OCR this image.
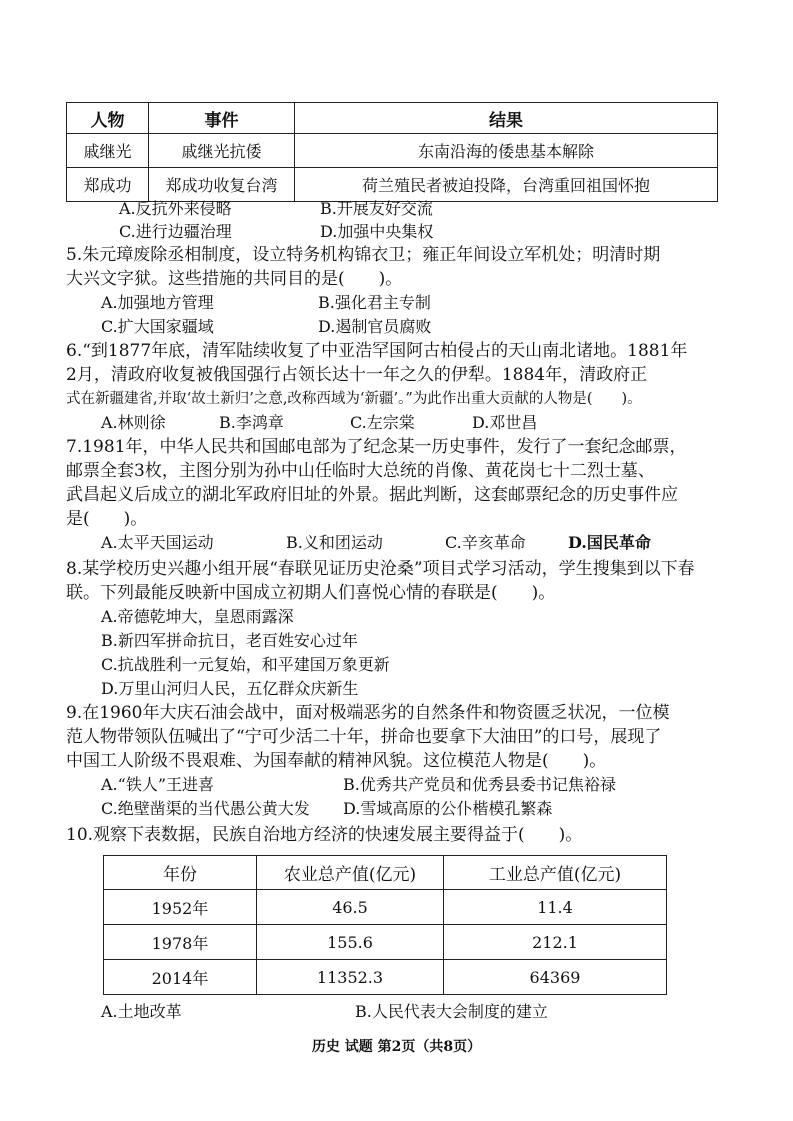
人物	事件	结果
戚继光	戚继光抗倭	东南沿海的倭患基本解除
郑成功	郑成功收复台湾	荷兰殖民者被迫投降，台湾重回祖国怀抱
A.反抗外来侵略	B.开展友好交流
C.进行边疆治理	D.加强中央集权
5.朱元璋废除丞相制度，设立特务机构锦衣卫；雍正年间设立军机处；明清时期
大兴文字狱。这些措施的共同目的是(　　)。
A.加强地方管理	B.强化君主专制
C.扩大国家疆域	D.遏制官员腐败
6.“到1877年底，清军陆续收复了中亚浩罕国阿古柏侵占的天山南北诸地。1881年
2月，清政府收复被俄国强行占领长达十一年之久的伊犁。1884年，清政府正
式在新疆建省,并取‘故土新归’之意,改称西域为‘新疆’。”为此作出重大贡献的人物是(　　)。
A.林则徐	B.李鸿章	C.左宗棠	D.邓世昌
7.1981年，中华人民共和国邮电部为了纪念某一历史事件，发行了一套纪念邮票，
邮票全套3枚，主图分别为孙中山任临时大总统的肖像、黄花岗七十二烈士墓、
武昌起义后成立的湖北军政府旧址的外景。据此判断，这套邮票纪念的历史事件应
是(　　)。
A.太平天国运动	B.义和团运动	C.辛亥革命	D.国民革命
8.某学校历史兴趣小组开展“春联见证历史沧桑”项目式学习活动，学生搜集到以下春
联。下列最能反映新中国成立初期人们喜悦心情的春联是(　　)。
A.帝德乾坤大，皇恩雨露深
B.新四军拼命抗日，老百姓安心过年
C.抗战胜利一元复始，和平建国万象更新
D.万里山河归人民，五亿群众庆新生
9.在1960年大庆石油会战中，面对极端恶劣的自然条件和物资匮乏状况，一位模
范人物带领队伍喊出了“宁可少活二十年，拼命也要拿下大油田”的口号，展现了
中国工人阶级不畏艰难、为国奉献的精神风貌。这位模范人物是(　　)。
A.“铁人”王进喜	B.优秀共产党员和优秀县委书记焦裕禄
C.绝壁凿渠的当代愚公黄大发 D.雪域高原的公仆楷模孔繁森
10.观察下表数据，民族自治地方经济的快速发展主要得益于(　　)。
年份	农业总产值(亿元)	工业总产值(亿元)
1952年	46.5	11.4
1978年	155.6	212.1
2014年	11352.3	64369
A.土地改革	B.人民代表大会制度的建立
历史 试题 第2页（共8页）
